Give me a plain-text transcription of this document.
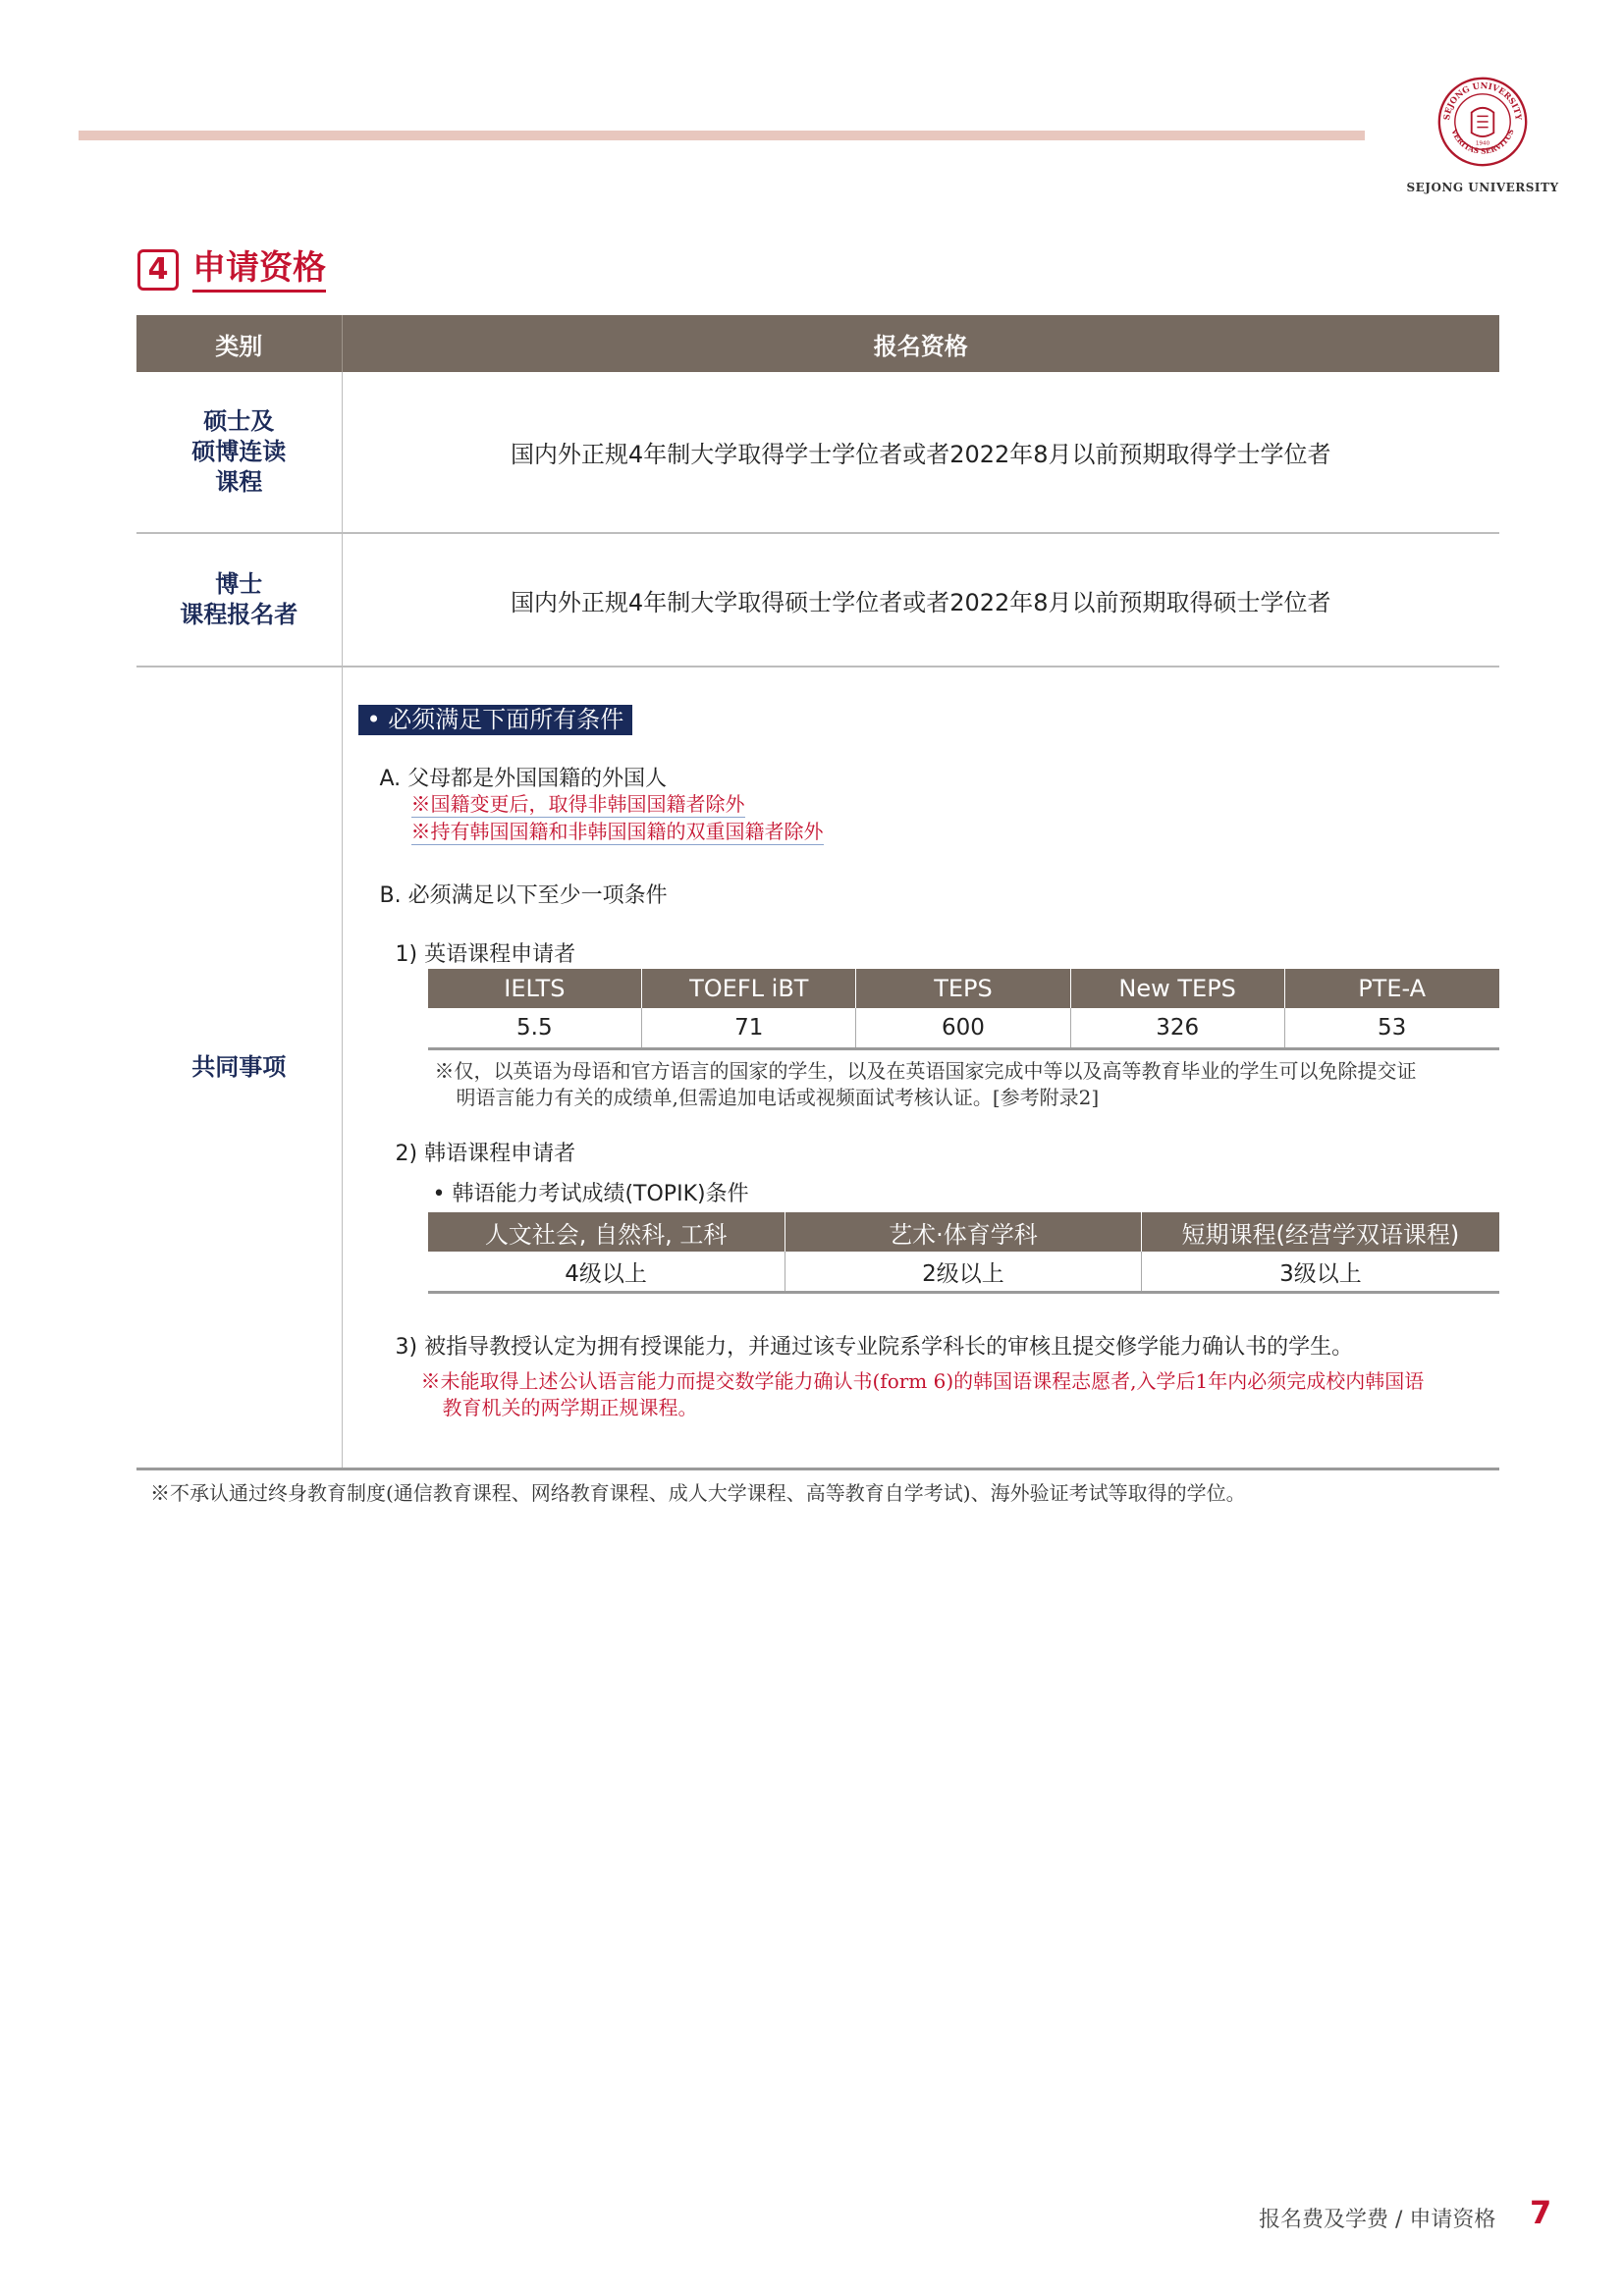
SEJONG UNIVERSITY
VERITAS SERVITUS
1940
SEJONG UNIVERSITY
4 申请资格
类别	报名资格

硕士及
硕博连读
课程
	国内外正规4年制大学取得学士学位者或者2022年8月以前预期取得学士学位者

博士
课程报名者	国内外正规4年制大学取得硕士学位者或者2022年8月以前预期取得硕士学位者
共同事项	
• 必须满足下面所有条件
A. 父母都是外国国籍的外国人
※国籍变更后，取得非韩国国籍者除外
※持有韩国国籍和非韩国国籍的双重国籍者除外
B. 必须满足以下至少一项条件
1) 英语课程申请者
IELTS	TOEFL iBT	TEPS	New TEPS	PTE-A
5.5	71	600	326	53
※仅，以英语为母语和官方语言的国家的学生，以及在英语国家完成中等以及高等教育毕业的学生可以免除提交证
明语言能力有关的成绩单,但需追加电话或视频面试考核认证。[参考附录2]
2) 韩语课程申请者
• 韩语能力考试成绩(TOPIK)条件
人文社会, 自然科, 工科	艺术·体育学科	短期课程(经营学双语课程)
4级以上	2级以上	3级以上
3) 被指导教授认定为拥有授课能力，并通过该专业院系学科长的审核且提交修学能力确认书的学生。
※未能取得上述公认语言能力而提交数学能力确认书(form 6)的韩国语课程志愿者,入学后1年内必须完成校内韩国语
教育机关的两学期正规课程。
※不承认通过终身教育制度(通信教育课程、网络教育课程、成人大学课程、高等教育自学考试)、海外验证考试等取得的学位。
报名费及学费 / 申请资格 7
